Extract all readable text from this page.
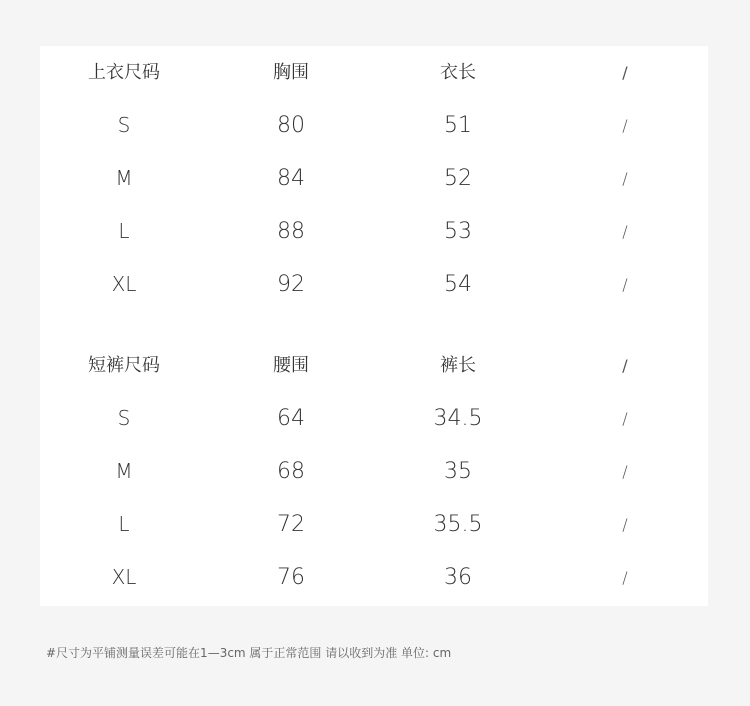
上衣尺码	胸围	衣长	/
S	80	51	/
M	84	52	/
L	88	53	/
XL	92	54	/
短裤尺码	腰围	裤长	/
S	64	34.5	/
M	68	35	/
L	72	35.5	/
XL	76	36	/
#尺寸为平铺测量误差可能在1—3cm 属于正常范围 请以收到为准 单位: cm
